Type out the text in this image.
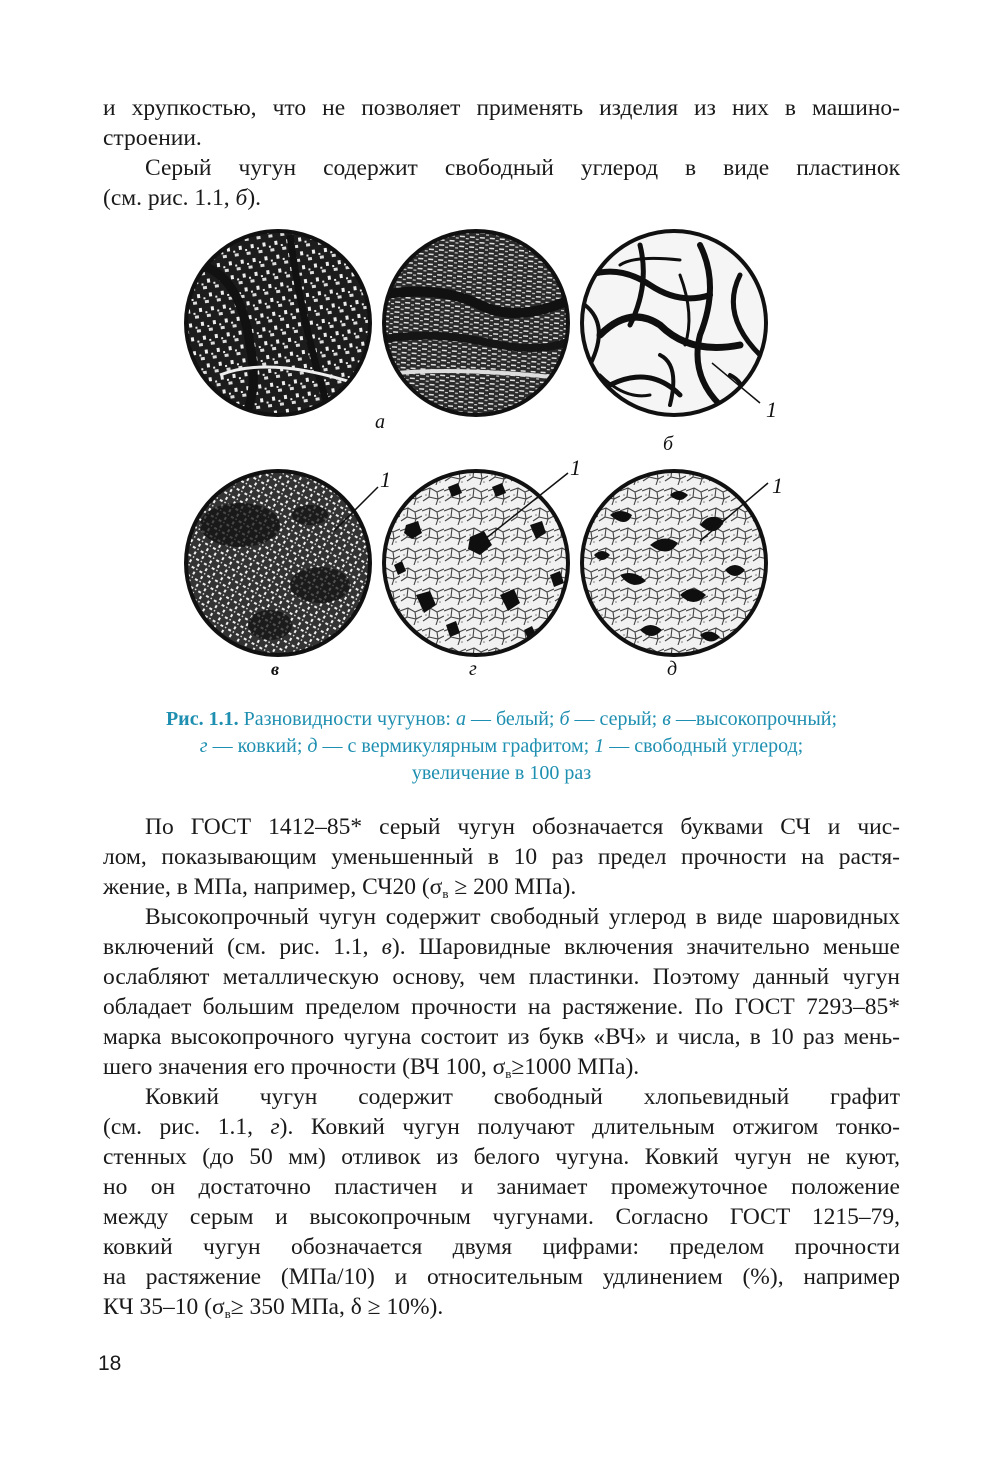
и хрупкостью, что не позволяет применять изделия из них в машино-
строении.

Серый чугун содержит свободный углерод в виде пластинок
(см. рис. 1.1, б).

а
б
в	г	д
1
1	1
1
Рис. 1.1. Разновидности чугунов: а — белый; б — серый; в —высокопрочный;
г — ковкий; д — с вермикулярным графитом; 1 — свободный углерод;
увеличение в 100 раз

По ГОСТ 1412–85* серый чугун обозначается буквами СЧ и чис-
лом, показывающим уменьшенный в 10 раз предел прочности на растя-
жение, в МПа, например, СЧ20 ($\sigma_в \ge 200$ МПа).

Высокопрочный чугун содержит свободный углерод в виде шаровидных
включений (см. рис. 1.1, в). Шаровидные включения значительно меньше
ослабляют металлическую основу, чем пластинки. Поэтому данный чугун
обладает большим пределом прочности на растяжение. По ГОСТ 7293–85*
марка высокопрочного чугуна состоит из букв «ВЧ» и числа, в 10 раз мень-
шего значения его прочности (ВЧ 100, $\sigma_в\ge 1000$ МПа).

Ковкий чугун содержит свободный хлопьевидный графит
(см. рис. 1.1, г). Ковкий чугун получают длительным отжигом тонко-
стенных (до 50 мм) отливок из белого чугуна. Ковкий чугун не куют,
но он достаточно пластичен и занимает промежуточное положение
между серым и высокопрочным чугунами. Согласно ГОСТ 1215–79,
ковкий чугун обозначается двумя цифрами: пределом прочности
на растяжение (МПа/10) и относительным удлинением (%), например
КЧ 35–10 ($\sigma_в\ge 350$ МПа, δ ≥ 10%).

18
